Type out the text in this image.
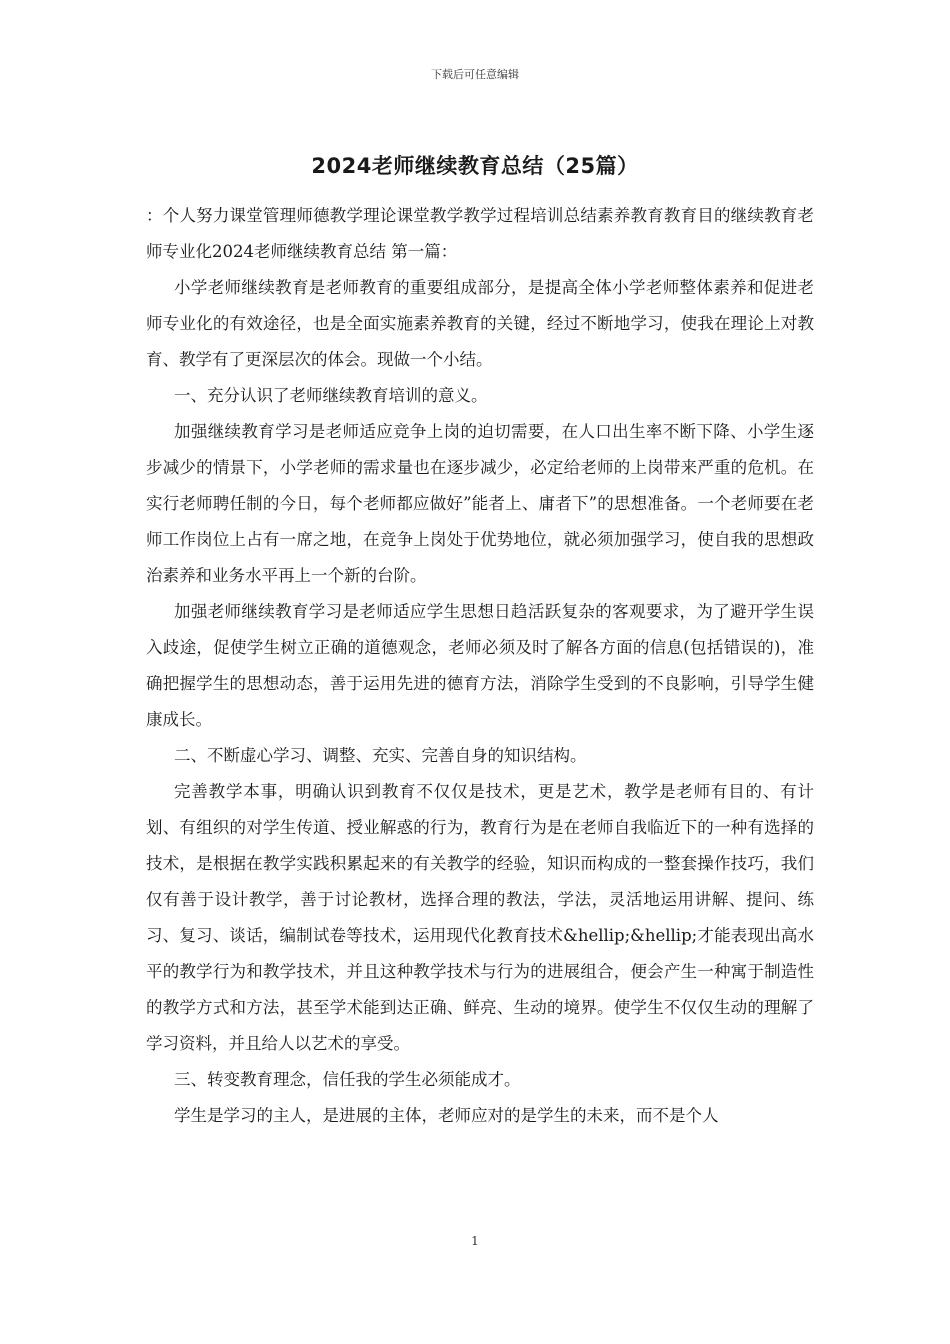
下载后可任意编辑
2024老师继续教育总结（25篇）

：个人努力课堂管理师德教学理论课堂教学教学过程培训总结素养教育教育目的继续教育老师专业化2024老师继续教育总结 第一篇：

小学老师继续教育是老师教育的重要组成部分，是提高全体小学老师整体素养和促进老师专业化的有效途径，也是全面实施素养教育的关键，经过不断地学习，使我在理论上对教育、教学有了更深层次的体会。现做一个小结。

一、充分认识了老师继续教育培训的意义。

加强继续教育学习是老师适应竞争上岗的迫切需要，在人口出生率不断下降、小学生逐步减少的情景下，小学老师的需求量也在逐步减少，必定给老师的上岗带来严重的危机。在实行老师聘任制的今日，每个老师都应做好”能者上、庸者下”的思想准备。一个老师要在老师工作岗位上占有一席之地，在竞争上岗处于优势地位，就必须加强学习，使自我的思想政治素养和业务水平再上一个新的台阶。

加强老师继续教育学习是老师适应学生思想日趋活跃复杂的客观要求，为了避开学生误入歧途，促使学生树立正确的道德观念，老师必须及时了解各方面的信息(包括错误的)，准确把握学生的思想动态，善于运用先进的德育方法，消除学生受到的不良影响，引导学生健康成长。

二、不断虚心学习、调整、充实、完善自身的知识结构。

完善教学本事，明确认识到教育不仅仅是技术，更是艺术，教学是老师有目的、有计划、有组织的对学生传道、授业解惑的行为，教育行为是在老师自我临近下的一种有选择的技术，是根据在教学实践积累起来的有关教学的经验，知识而构成的一整套操作技巧，我们仅有善于设计教学，善于讨论教材，选择合理的教法，学法，灵活地运用讲解、提问、练习、复习、谈话，编制试卷等技术，运用现代化教育技术&hellip;&hellip;才能表现出高水平的教学行为和教学技术，并且这种教学技术与行为的进展组合，便会产生一种寓于制造性的教学方式和方法，甚至学术能到达正确、鲜亮、生动的境界。使学生不仅仅生动的理解了学习资料，并且给人以艺术的享受。

三、转变教育理念，信任我的学生必须能成才。

学生是学习的主人，是进展的主体，老师应对的是学生的未来，而不是个人

1
